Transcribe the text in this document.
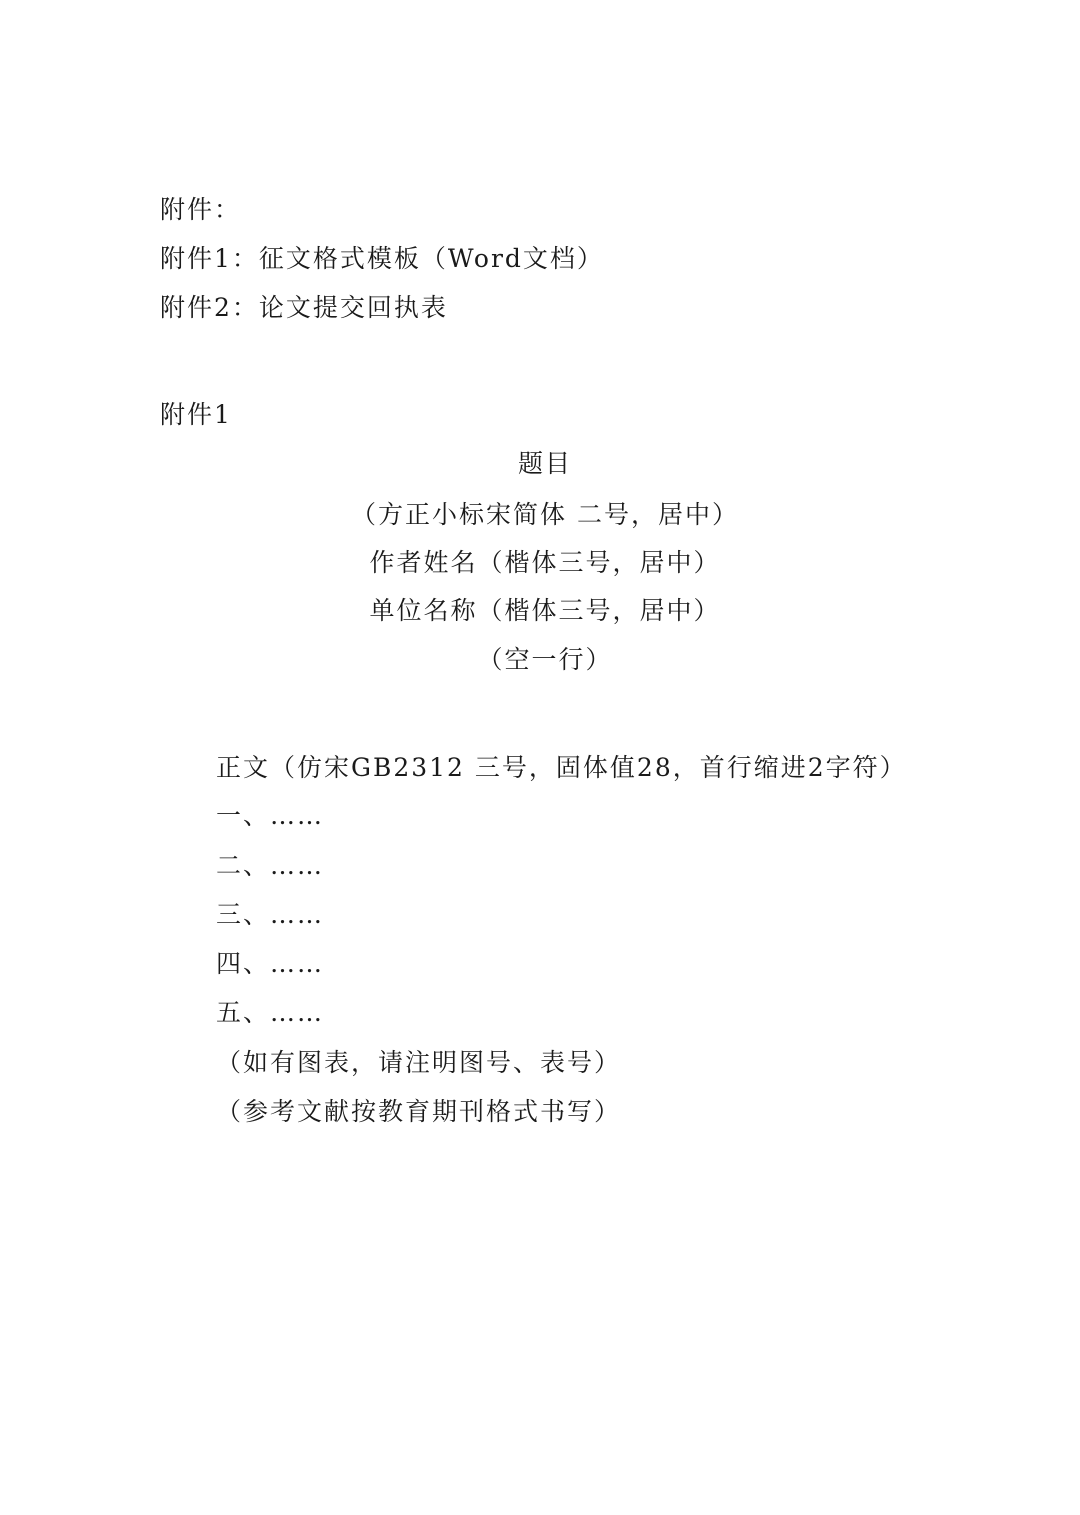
附件：
附件1：征文格式模板（Word文档）
附件2：论文提交回执表
附件1
题目
（方正小标宋简体 二号，居中）
作者姓名（楷体三号，居中）
单位名称（楷体三号，居中）
（空一行）
正文（仿宋GB2312 三号，固体值28，首行缩进2字符）
一、……
二、……
三、……
四、……
五、……
（如有图表，请注明图号、表号）
（参考文献按教育期刊格式书写）
